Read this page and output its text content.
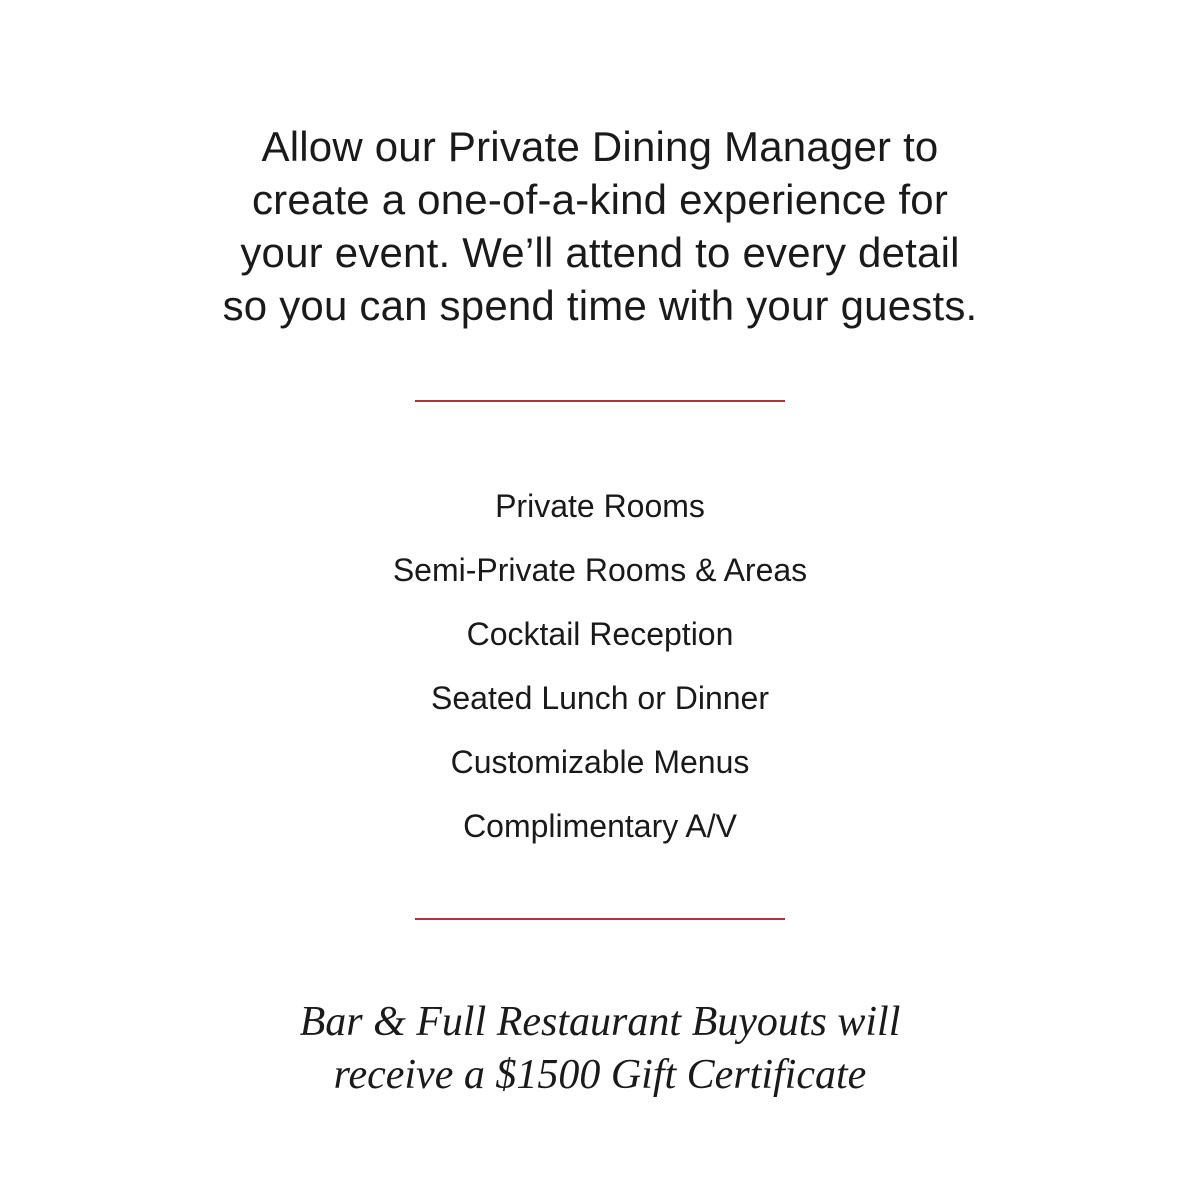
Allow our Private Dining Manager to
create a one-of-a-kind experience for
your event. We’ll attend to every detail
so you can spend time with your guests.
Private Rooms
Semi-Private Rooms & Areas
Cocktail Reception
Seated Lunch or Dinner
Customizable Menus
Complimentary A/V
Bar & Full Restaurant Buyouts will
receive a $1500 Gift Certificate
